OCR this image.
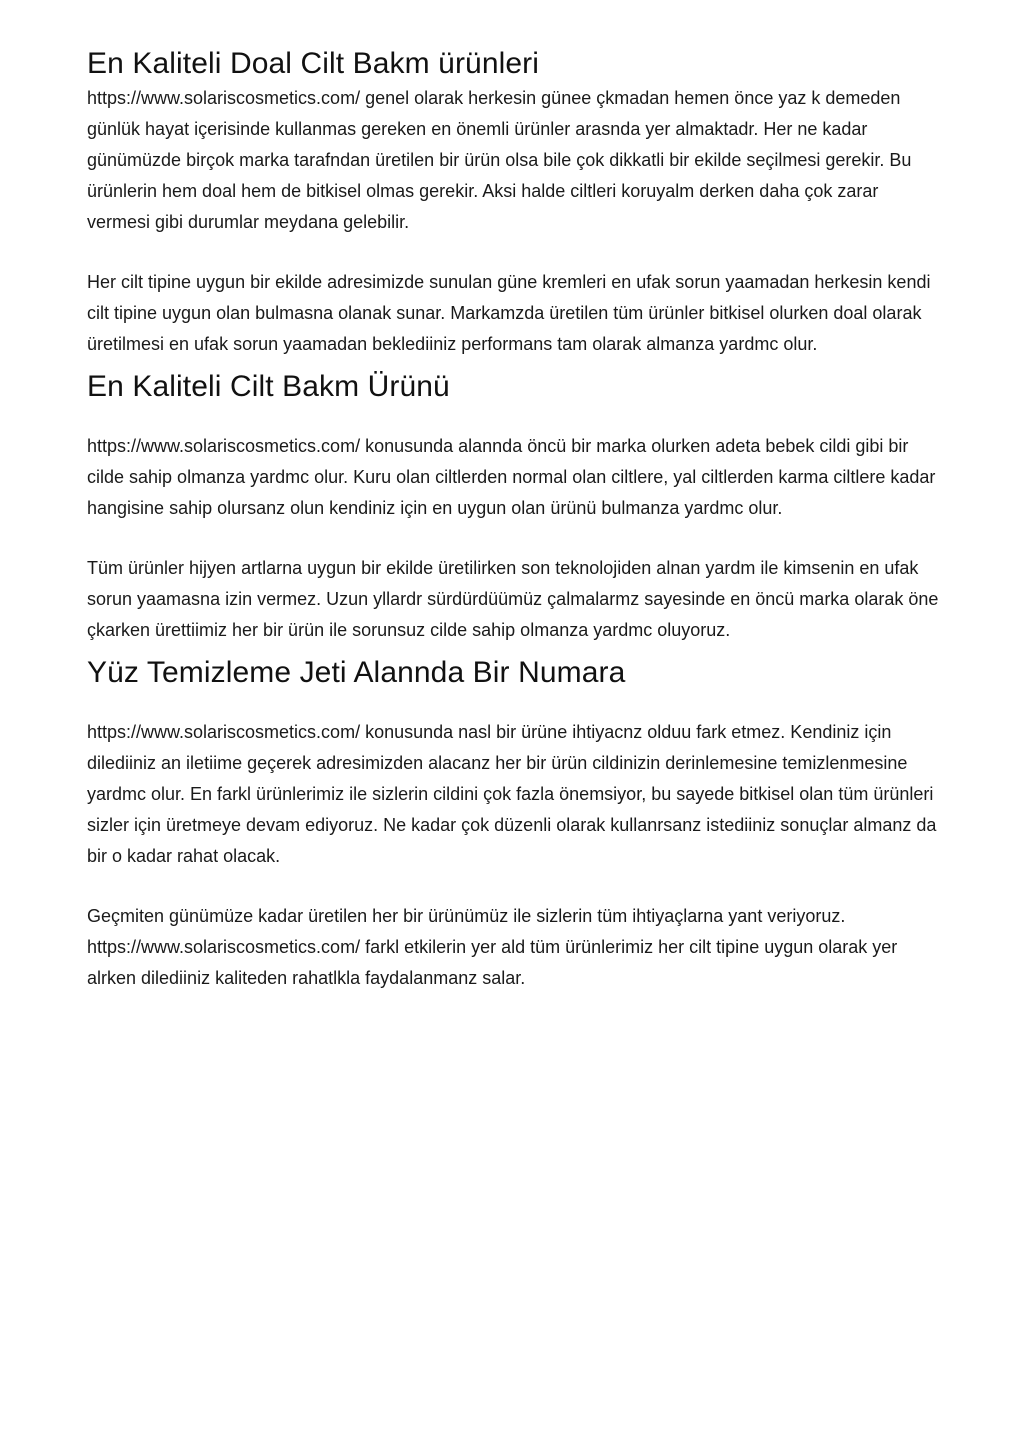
En Kaliteli Doal Cilt Bakm ürünleri

https://www.solariscosmetics.com/ genel olarak herkesin günee çkmadan hemen önce yaz k demeden günlük hayat içerisinde kullanmas gereken en önemli ürünler arasnda yer almaktadr. Her ne kadar günümüzde birçok marka tarafndan üretilen bir ürün olsa bile çok dikkatli bir ekilde seçilmesi gerekir. Bu ürünlerin hem doal hem de bitkisel olmas gerekir. Aksi halde ciltleri koruyalm derken daha çok zarar vermesi gibi durumlar meydana gelebilir.

Her cilt tipine uygun bir ekilde adresimizde sunulan güne kremleri en ufak sorun yaamadan herkesin kendi cilt tipine uygun olan bulmasna olanak sunar. Markamzda üretilen tüm ürünler bitkisel olurken doal olarak üretilmesi en ufak sorun yaamadan beklediiniz performans tam olarak almanza yardmc olur.

En Kaliteli Cilt Bakm Ürünü

https://www.solariscosmetics.com/ konusunda alannda öncü bir marka olurken adeta bebek cildi gibi bir cilde sahip olmanza yardmc olur. Kuru olan ciltlerden normal olan ciltlere, yal ciltlerden karma ciltlere kadar hangisine sahip olursanz olun kendiniz için en uygun olan ürünü bulmanza yardmc olur.

Tüm ürünler hijyen artlarna uygun bir ekilde üretilirken son teknolojiden alnan yardm ile kimsenin en ufak sorun yaamasna izin vermez. Uzun yllardr sürdürdüümüz çalmalarmz sayesinde en öncü marka olarak öne çkarken ürettiimiz her bir ürün ile sorunsuz cilde sahip olmanza yardmc oluyoruz.

Yüz Temizleme Jeti Alannda Bir Numara

https://www.solariscosmetics.com/ konusunda nasl bir ürüne ihtiyacnz olduu fark etmez. Kendiniz için dilediiniz an iletiime geçerek adresimizden alacanz her bir ürün cildinizin derinlemesine temizlenmesine yardmc olur. En farkl ürünlerimiz ile sizlerin cildini çok fazla önemsiyor, bu sayede bitkisel olan tüm ürünleri sizler için üretmeye devam ediyoruz. Ne kadar çok düzenli olarak kullanrsanz istediiniz sonuçlar almanz da bir o kadar rahat olacak.

Geçmiten günümüze kadar üretilen her bir ürünümüz ile sizlerin tüm ihtiyaçlarna yant veriyoruz. https://www.solariscosmetics.com/ farkl etkilerin yer ald tüm ürünlerimiz her cilt tipine uygun olarak yer alrken dilediiniz kaliteden rahatlkla faydalanmanz salar.
